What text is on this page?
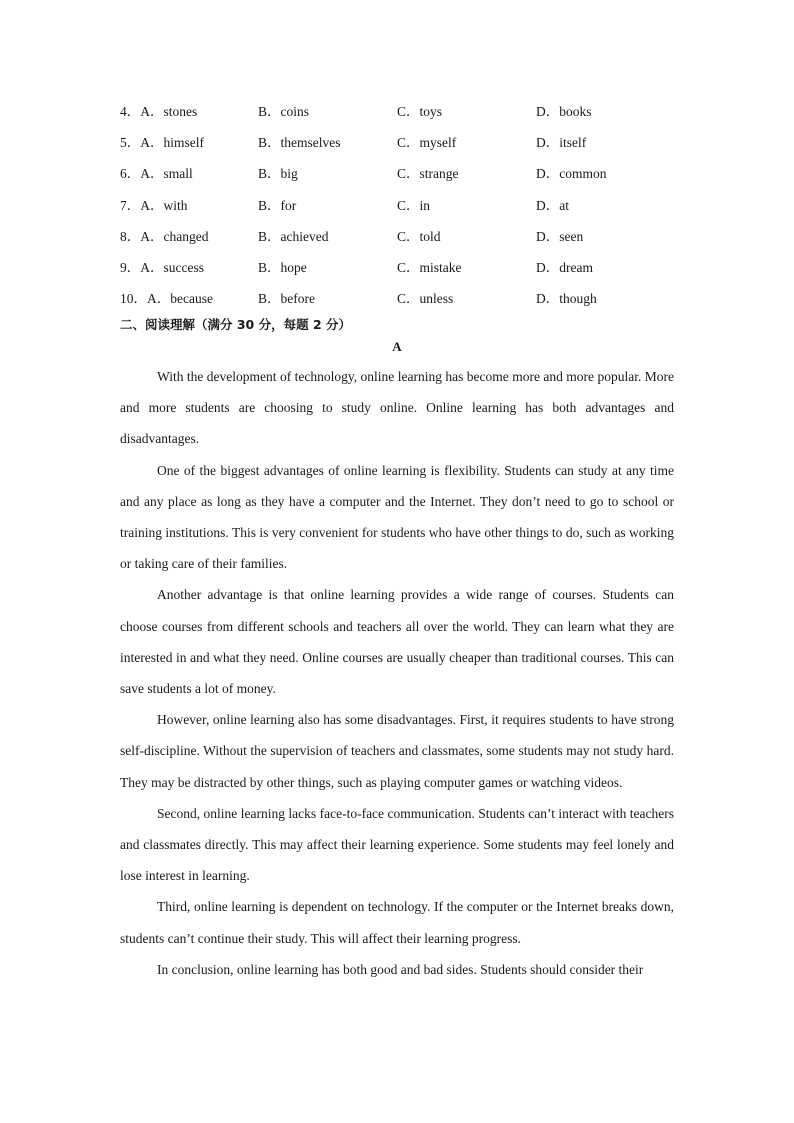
4．A．stones	B．coins	C．toys	D．books
5．A．himself	B．themselves	C．myself	D．itself
6．A．small	B．big	C．strange	D．common
7．A．with	B．for	C．in	D．at
8．A．changed	B．achieved	C．told	D．seen
9．A．success	B．hope	C．mistake	D．dream
10．A．because	B．before	C．unless	D．though
二、阅读理解（满分 30 分，每题 2 分）
A

With the development of technology, online learning has become more and more popular. More and more students are choosing to study online. Online learning has both advantages and disadvantages.

One of the biggest advantages of online learning is flexibility. Students can study at any time and any place as long as they have a computer and the Internet. They don’t need to go to school or training institutions. This is very convenient for students who have other things to do, such as working or taking care of their families.

Another advantage is that online learning provides a wide range of courses. Students can choose courses from different schools and teachers all over the world. They can learn what they are interested in and what they need. Online courses are usually cheaper than traditional courses. This can save students a lot of money.

However, online learning also has some disadvantages. First, it requires students to have strong self-discipline. Without the supervision of teachers and classmates, some students may not study hard. They may be distracted by other things, such as playing computer games or watching videos.

Second, online learning lacks face-to-face communication. Students can’t interact with teachers and classmates directly. This may affect their learning experience. Some students may feel lonely and lose interest in learning.

Third, online learning is dependent on technology. If the computer or the Internet breaks down, students can’t continue their study. This will affect their learning progress.

In conclusion, online learning has both good and bad sides. Students should consider their
